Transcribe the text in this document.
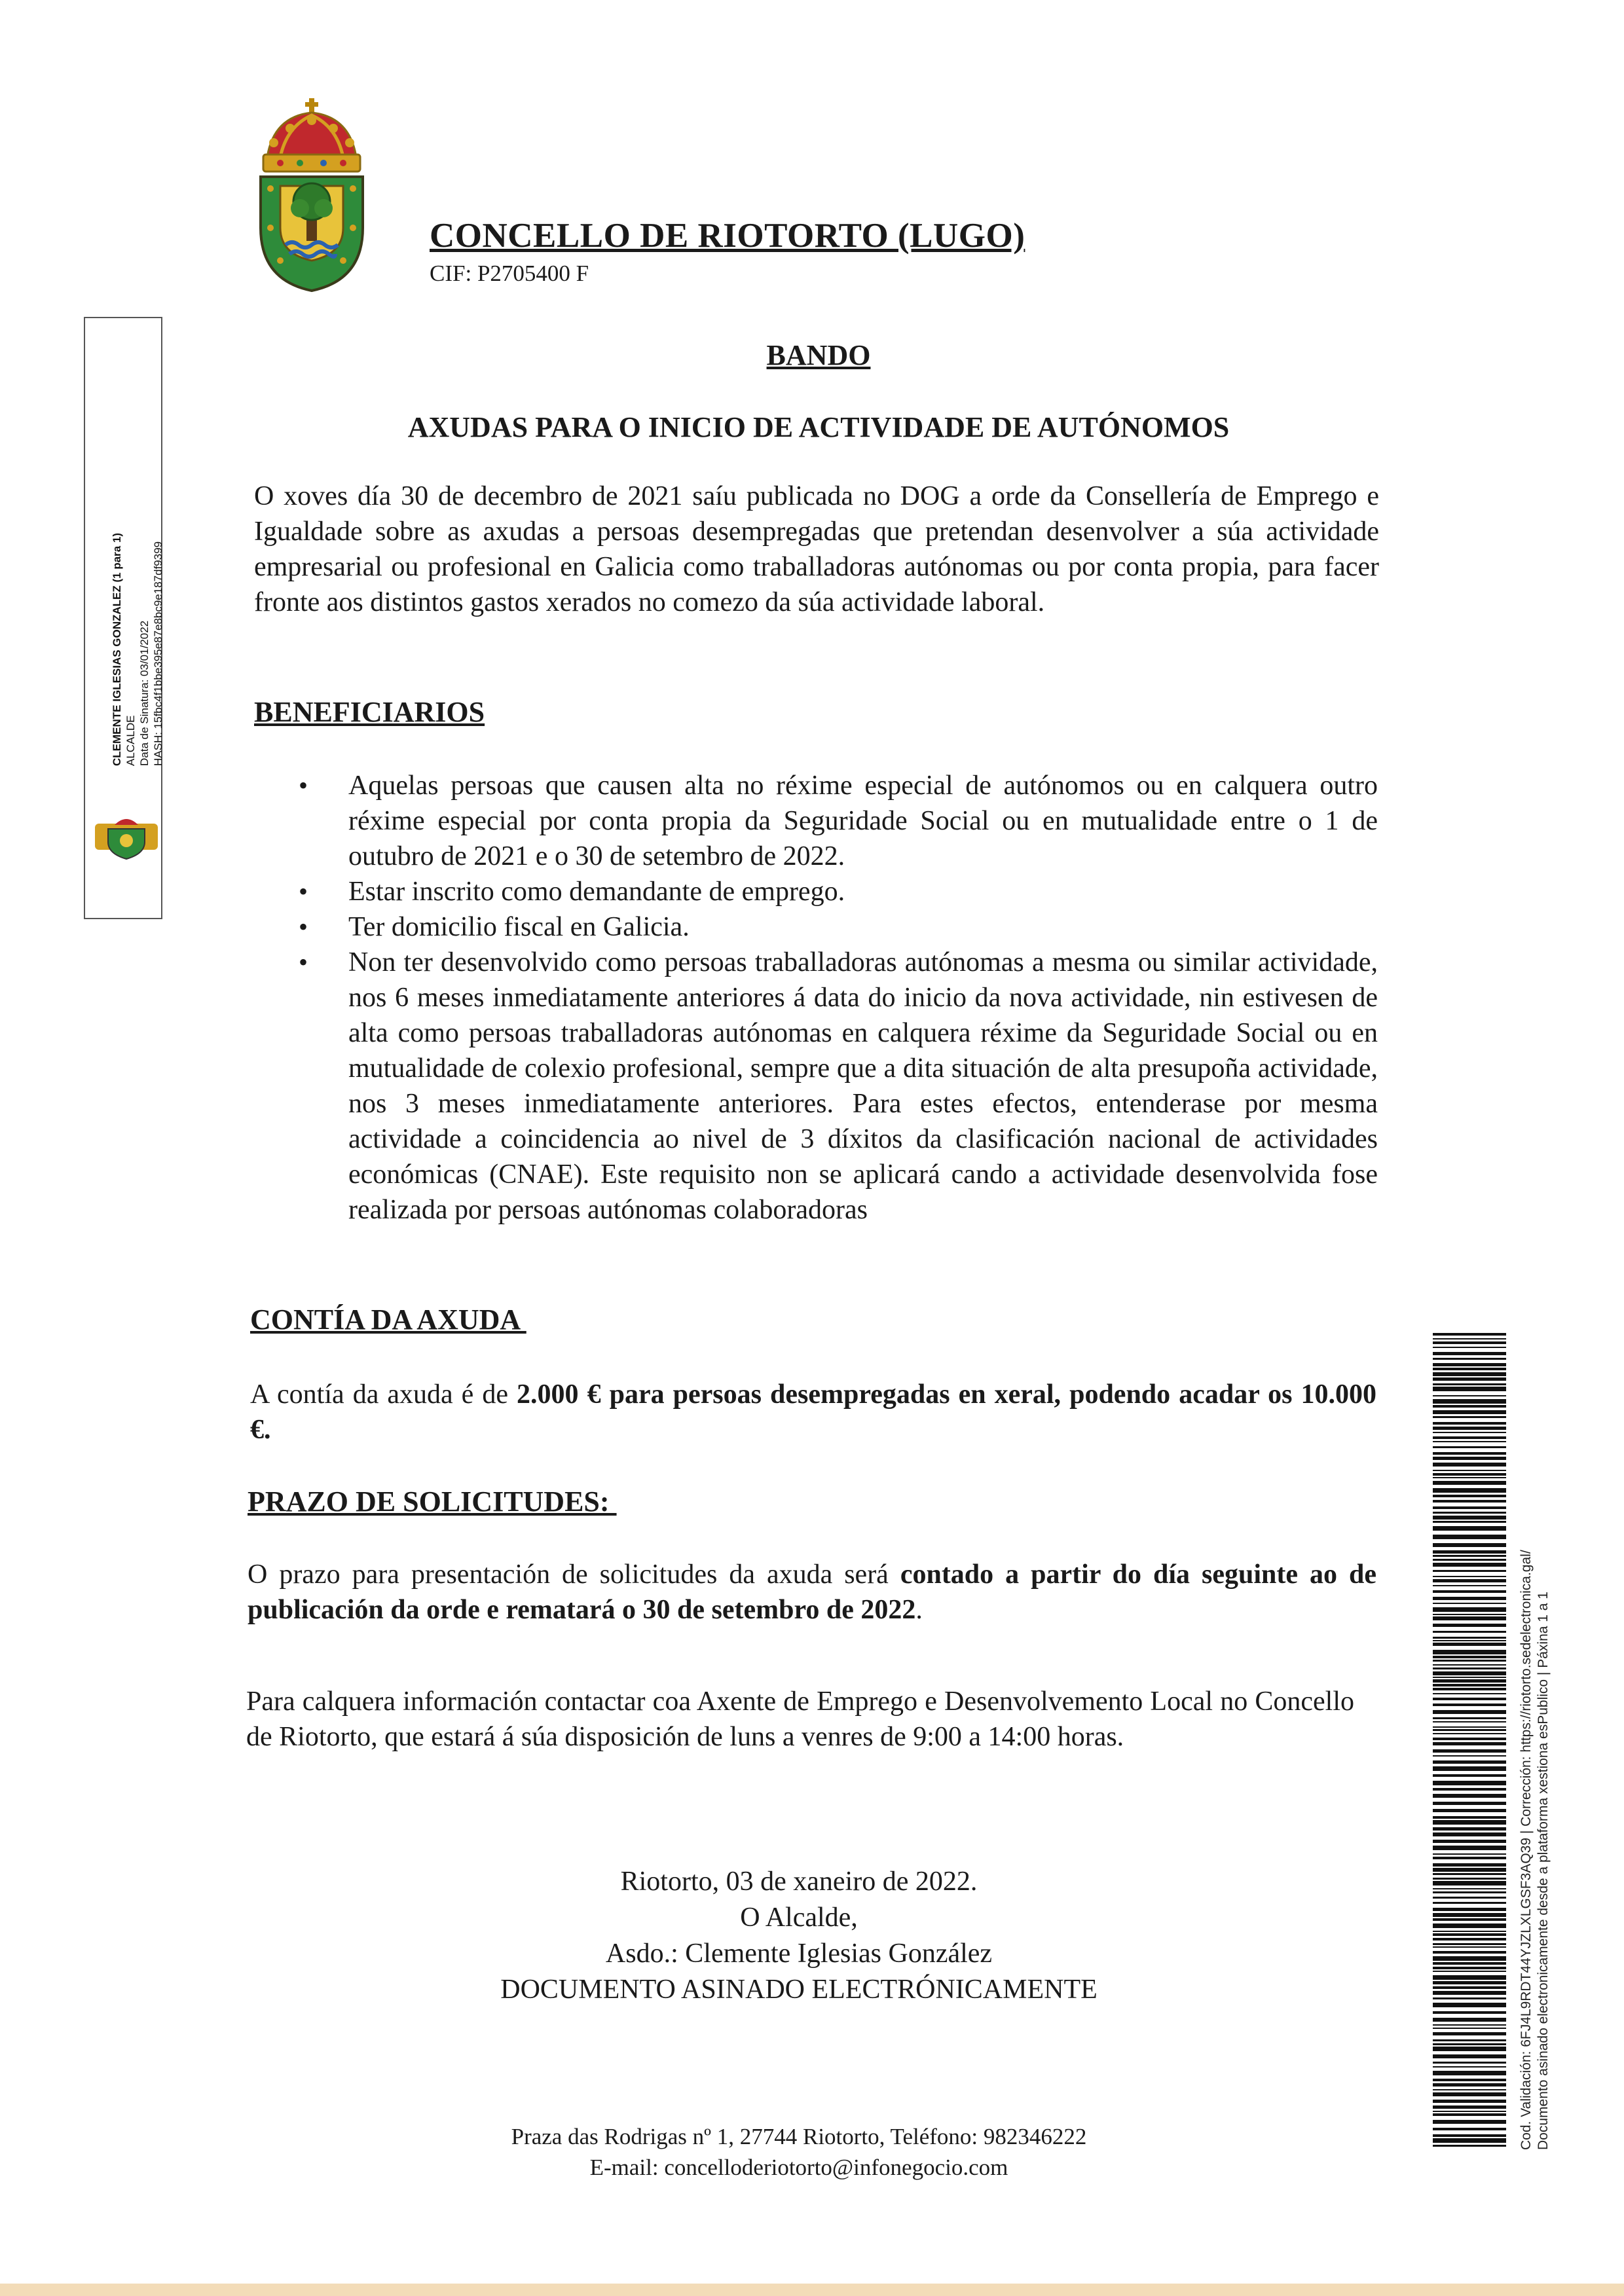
CONCELLO DE RIOTORTO (LUGO)
CIF: P2705400 F
CLEMENTE IGLESIAS GONZALEZ (1 para 1) ALCALDE Data de Sinatura: 03/01/2022 HASH: 15fbc4f1bbe395e87e8bc9e187df9399
BANDO
AXUDAS PARA O INICIO DE ACTIVIDADE DE AUTÓNOMOS
O xoves día 30 de decembro de 2021 saíu publicada no DOG a orde da Consellería de Emprego e Igualdade sobre as axudas a persoas desempregadas que pretendan desenvolver a súa actividade empresarial ou profesional en Galicia como traballadoras autónomas ou por conta propia, para facer fronte aos distintos gastos xerados no comezo da súa actividade laboral.
BENEFICIARIOS
• Aquelas persoas que causen alta no réxime especial de autónomos ou en calquera outro réxime especial por conta propia da Seguridade Social ou en mutualidade entre o 1 de outubro de 2021 e o 30 de setembro de 2022.
• Estar inscrito como demandante de emprego.
• Ter domicilio fiscal en Galicia.
• Non ter desenvolvido como persoas traballadoras autónomas a mesma ou similar actividade, nos 6 meses inmediatamente anteriores á data do inicio da nova actividade, nin estivesen de alta como persoas traballadoras autónomas en calquera réxime da Seguridade Social ou en mutualidade de colexio profesional, sempre que a dita situación de alta presupoña actividade, nos 3 meses inmediatamente anteriores. Para estes efectos, entenderase por mesma actividade a coincidencia ao nivel de 3 díxitos da clasificación nacional de actividades económicas (CNAE). Este requisito non se aplicará cando a actividade desenvolvida fose realizada por persoas autónomas colaboradoras
CONTÍA DA AXUDA
A contía da axuda é de 2.000 € para persoas desempregadas en xeral, podendo acadar os 10.000 €.
PRAZO DE SOLICITUDES:
O prazo para presentación de solicitudes da axuda será contado a partir do día seguinte ao de publicación da orde e rematará o 30 de setembro de 2022.
Para calquera información contactar coa Axente de Emprego e Desenvolvemento Local no Concello de Riotorto, que estará á súa disposición de luns a venres de 9:00 a 14:00 horas.
Riotorto, 03 de xaneiro de 2022.
O Alcalde,
Asdo.: Clemente Iglesias González
DOCUMENTO ASINADO ELECTRÓNICAMENTE
Praza das Rodrigas nº 1, 27744 Riotorto, Teléfono: 982346222
E-mail: concelloderiotorto@infonegocio.com
Cod. Validación: 6FJ4L9RDT44YJZLXLGSF3AQ39 | Corrección: https://riotorto.sedelectronica.gal/ Documento asinado electronicamente desde a plataforma xestiona esPublico | Páxina 1 a 1
